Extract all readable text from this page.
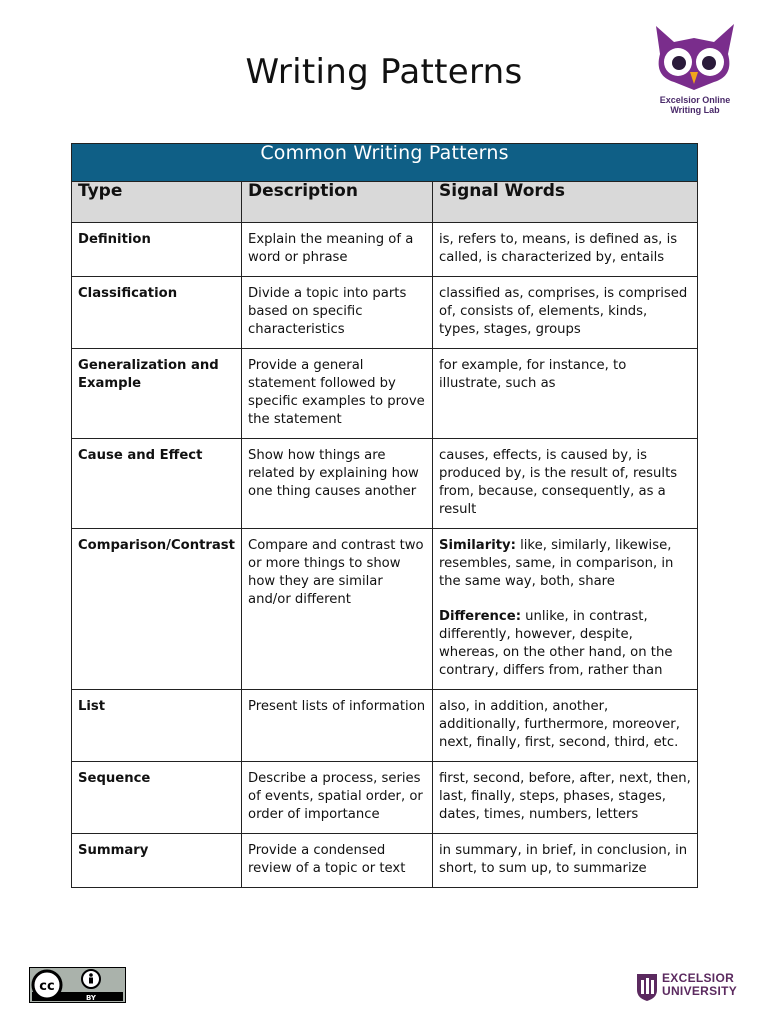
Writing Patterns
Excelsior Online
Writing Lab
Common Writing Patterns		
Type	Description	Signal Words
Definition	Explain the meaning of a word or phrase	is, refers to, means, is defined as, is called, is characterized by, entails
Classification	Divide a topic into parts based on specific characteristics	classified as, comprises, is comprised of, consists of, elements, kinds, types, stages, groups
Generalization and Example	Provide a general statement followed by specific examples to prove the statement	for example, for instance, to illustrate, such as
Cause and Effect	Show how things are related by explaining how one thing causes another	causes, effects, is caused by, is produced by, is the result of, results from, because, consequently, as a result
Comparison/Contrast	Compare and contrast two or more things to show how they are similar and/or different	Similarity: like, similarly, likewise, resembles, same, in comparison, in the same way, both, share
Difference: unlike, in contrast, differently, however, despite, whereas, on the other hand, on the contrary, differs from, rather than

List	Present lists of information	also, in addition, another, additionally, furthermore, moreover, next, finally, first, second, third, etc.
Sequence	Describe a process, series of events, spatial order, or order of importance	first, second, before, after, next, then, last, finally, steps, phases, stages, dates, times, numbers, letters
Summary	Provide a condensed review of a topic or text	in summary, in brief, in conclusion, in short, to sum up, to summarize
cc
BY
EXCELSIOR
UNIVERSITY
